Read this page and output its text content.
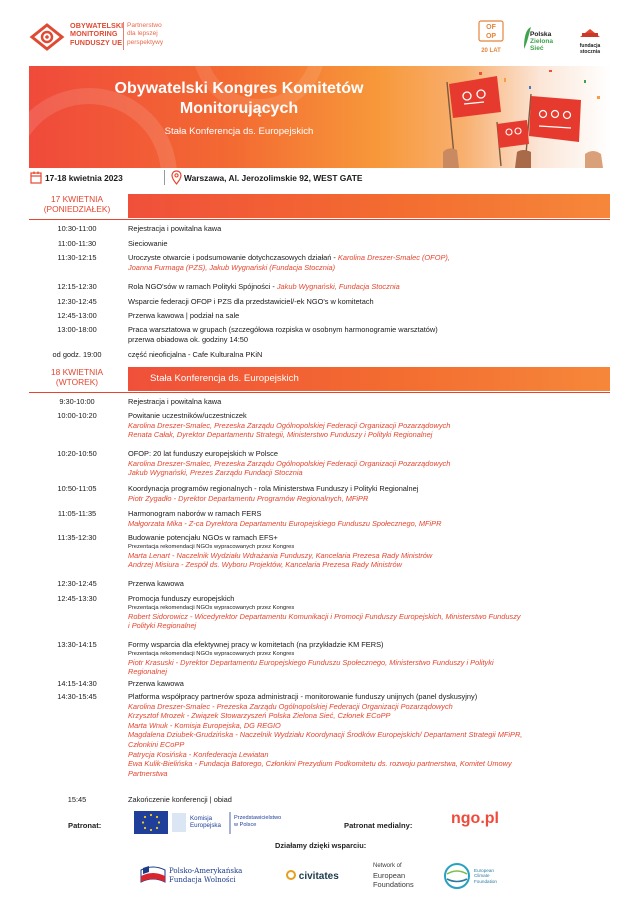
OBYWATELSKI
MONITORING
FUNDUSZY UE
Partnerstwo
dla lepszej
perspektywy
OF
OP
20 LAT
Polska
Zielona
Sieć	fundacja
stocznia
Obywatelski Kongres Komitetów
Monitorujących
Stała Konferencja ds. Europejskich
17-18 kwietnia 2023	Warszawa, Al. Jerozolimskie 92, WEST GATE
17 KWIETNIA
(PONIEDZIAŁEK)
10:30-11:00	Rejestracja i powitalna kawa
11:00-11:30	Sieciowanie
11:30-12:15	Uroczyste otwarcie i podsumowanie dotychczasowych działań - Karolina Dreszer-Smalec (OFOP),
Joanna Furmaga (PZS), Jakub Wygnański (Fundacja Stocznia)
12:15-12:30	Rola NGO'sów w ramach Polityki Spójności - Jakub Wygnański, Fundacja Stocznia
12:30-12:45	Wsparcie federacji OFOP i PZS dla przedstawiciel/-ek NGO's w komitetach
12:45-13:00	Przerwa kawowa | podział na sale
13:00-18:00	Praca warsztatowa w grupach (szczegółowa rozpiska w osobnym harmonogramie warsztatów)
przerwa obiadowa ok. godziny 14:50
od godz. 19:00	część nieoficjalna - Cafe Kulturalna PKiN
18 KWIETNIA
(WTOREK)	Stała Konferencja ds. Europejskich
9:30-10:00	Rejestracja i powitalna kawa
10:00-10:20	Powitanie uczestników/uczestniczek
Karolina Dreszer-Smalec, Prezeska Zarządu Ogólnopolskiej Federacji Organizacji Pozarządowych
Renata Całak, Dyrektor Departamentu Strategii, Ministerstwo Funduszy i Polityki Regionalnej
10:20-10:50	OFOP: 20 lat funduszy europejskich w Polsce
Karolina Dreszer-Smalec, Prezeska Zarządu Ogólnopolskiej Federacji Organizacji Pozarządowych
Jakub Wygnański, Prezes Zarządu Fundacji Stocznia
10:50-11:05	Koordynacja programów regionalnych - rola Ministerstwa Funduszy i Polityki Regionalnej
Piotr Zygadło - Dyrektor Departamentu Programów Regionalnych, MFiPR
11:05-11:35	Harmonogram naborów w ramach FERS
Małgorzata Mika - Z-ca Dyrektora Departamentu Europejskiego Funduszu Społecznego, MFiPR
11:35-12:30	Budowanie potencjału NGOs w ramach EFS+
Prezentacja rekomendacji NGOs wypracowanych przez Kongres
Marta Lenart - Naczelnik Wydziału Wdrażania Funduszy, Kancelaria Prezesa Rady Ministrów
Andrzej Misiura - Zespół ds. Wyboru Projektów, Kancelaria Prezesa Rady Ministrów
12:30-12:45	Przerwa kawowa
12:45-13:30	Promocja funduszy europejskich
Prezentacja rekomendacji NGOs wypracowanych przez Kongres
Robert Sidorowicz - Wicedyrektor Departamentu Komunikacji i Promocji Funduszy Europejskich, Ministerstwo Funduszy
i Polityki Regionalnej
13:30-14:15	Formy wsparcia dla efektywnej pracy w komitetach (na przykładzie KM FERS)
Prezentacja rekomendacji NGOs wypracowanych przez Kongres
Piotr Krasuski - Dyrektor Departamentu Europejskiego Funduszu Społecznego, Ministerstwo Funduszy i Polityki
Regionalnej
14:15-14:30	Przerwa kawowa
14:30-15:45	Platforma współpracy partnerów spoza administracji - monitorowanie funduszy unijnych (panel dyskusyjny)
Karolina Dreszer-Smalec - Prezeska Zarządu Ogólnopolskiej Federacji Organizacji Pozarządowych
Krzysztof Mrozek - Związek Stowarzyszeń Polska Zielona Sieć, Członek ECoPP
Marta Wnuk - Komisja Europejska, DG REGIO
Magdalena Dziubek-Grudzińska - Naczelnik Wydziału Koordynacji Środków Europejskich/ Departament Strategii MFiPR,
Członkini ECoPP
Patrycja Kosińska - Konfederacja Lewiatan
Ewa Kulik-Bielińska - Fundacja Batorego, Członkini Prezydium Podkomitetu ds. rozwoju partnerstwa, Komitet Umowy
Partnerstwa
15:45	Zakończenie konferencji | obiad
Patronat:
Komisja
Europejska
Przedstawicielstwo
w Polsce	Patronat medialny: ngo.pl
Działamy dzięki wsparciu:
Polsko-Amerykańska
Fundacja Wolności	civitates
Network of
European
Foundations
European
Climate
Foundation
